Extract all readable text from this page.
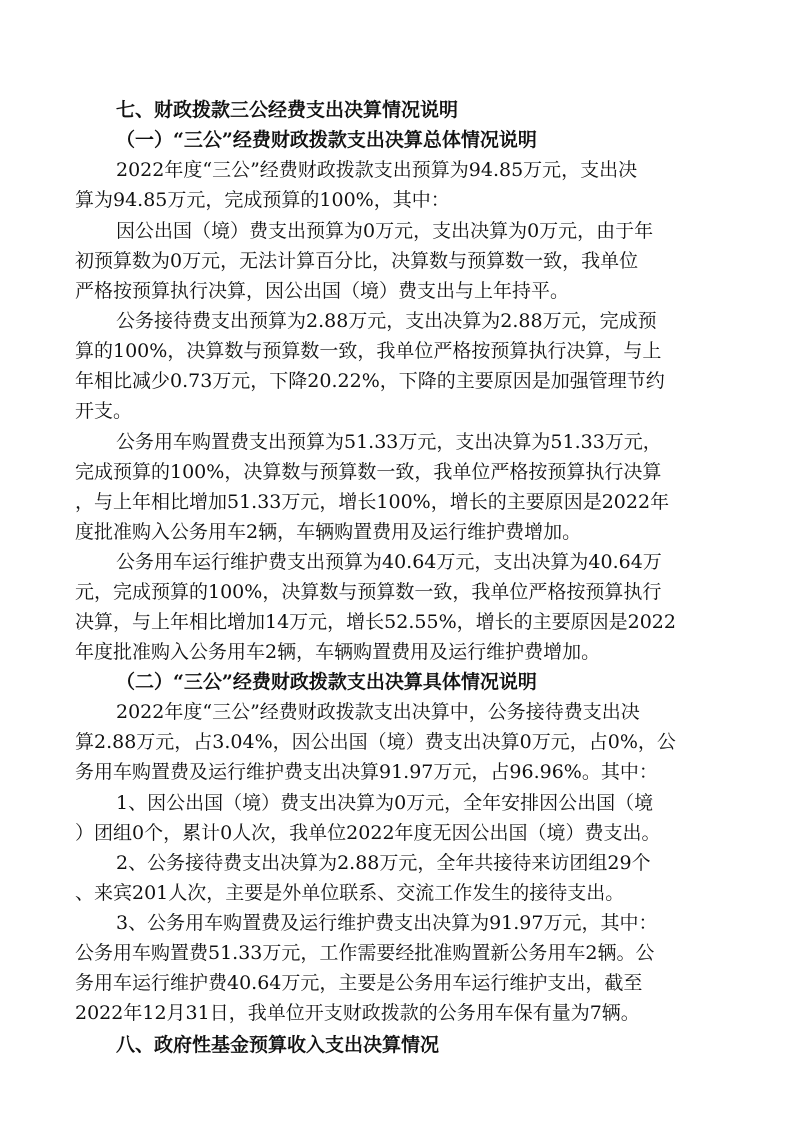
七、财政拨款三公经费支出决算情况说明
（一）“三公”经费财政拨款支出决算总体情况说明
2022年度“三公”经费财政拨款支出预算为94.85万元，支出决
算为94.85万元，完成预算的100%，其中：
因公出国（境）费支出预算为0万元，支出决算为0万元，由于年
初预算数为0万元，无法计算百分比，决算数与预算数一致，我单位
严格按预算执行决算，因公出国（境）费支出与上年持平。
公务接待费支出预算为2.88万元，支出决算为2.88万元，完成预
算的100%，决算数与预算数一致，我单位严格按预算执行决算，与上
年相比减少0.73万元，下降20.22%，下降的主要原因是加强管理节约
开支。
公务用车购置费支出预算为51.33万元，支出决算为51.33万元，
完成预算的100%，决算数与预算数一致，我单位严格按预算执行决算
，与上年相比增加51.33万元，增长100%，增长的主要原因是2022年
度批准购入公务用车2辆，车辆购置费用及运行维护费增加。
公务用车运行维护费支出预算为40.64万元，支出决算为40.64万
元，完成预算的100%，决算数与预算数一致，我单位严格按预算执行
决算，与上年相比增加14万元，增长52.55%，增长的主要原因是2022
年度批准购入公务用车2辆，车辆购置费用及运行维护费增加。
（二）“三公”经费财政拨款支出决算具体情况说明
2022年度“三公”经费财政拨款支出决算中，公务接待费支出决
算2.88万元，占3.04%，因公出国（境）费支出决算0万元，占0%，公
务用车购置费及运行维护费支出决算91.97万元，占96.96%。其中：
1、因公出国（境）费支出决算为0万元，全年安排因公出国（境
）团组0个，累计0人次，我单位2022年度无因公出国（境）费支出。
2、公务接待费支出决算为2.88万元，全年共接待来访团组29个
、来宾201人次，主要是外单位联系、交流工作发生的接待支出。
3、公务用车购置费及运行维护费支出决算为91.97万元，其中：
公务用车购置费51.33万元，工作需要经批准购置新公务用车2辆。公
务用车运行维护费40.64万元，主要是公务用车运行维护支出，截至
2022年12月31日，我单位开支财政拨款的公务用车保有量为7辆。
八、政府性基金预算收入支出决算情况
